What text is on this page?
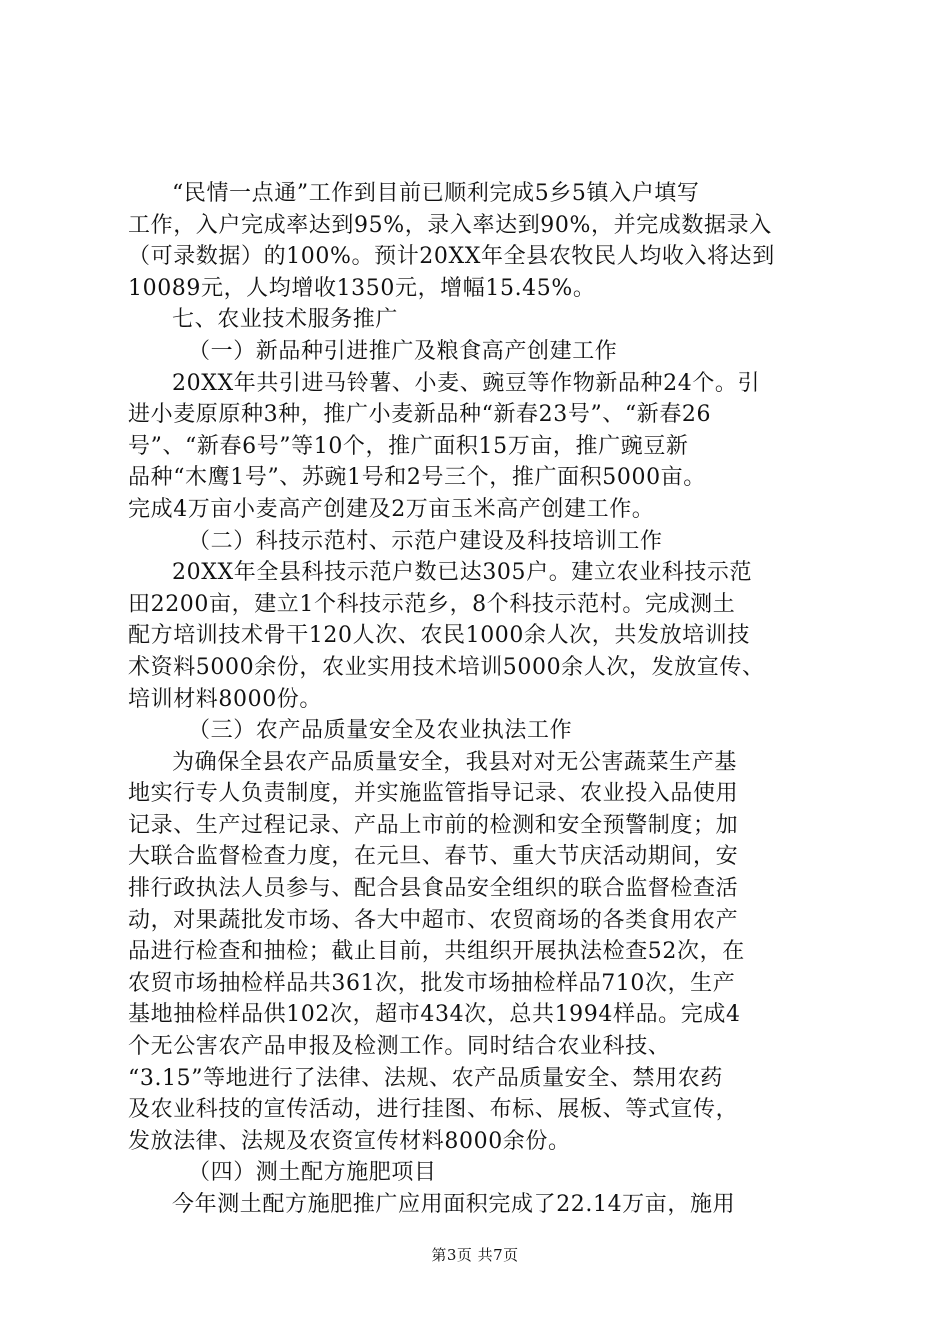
“民情一点通”工作到目前已顺利完成5乡5镇入户填写
工作，入户完成率达到95%，录入率达到90%，并完成数据录入
（可录数据）的100%。预计20XX年全县农牧民人均收入将达到
10089元，人均增收1350元，增幅15.45%。
七、农业技术服务推广
（一）新品种引进推广及粮食高产创建工作
20XX年共引进马铃薯、小麦、豌豆等作物新品种24个。引
进小麦原原种3种，推广小麦新品种“新春23号”、“新春26
号”、“新春6号”等10个，推广面积15万亩，推广豌豆新
品种“木鹰1号”、苏豌1号和2号三个，推广面积5000亩。
完成4万亩小麦高产创建及2万亩玉米高产创建工作。
（二）科技示范村、示范户建设及科技培训工作
20XX年全县科技示范户数已达305户。建立农业科技示范
田2200亩，建立1个科技示范乡，8个科技示范村。完成测土
配方培训技术骨干120人次、农民1000余人次，共发放培训技
术资料5000余份，农业实用技术培训5000余人次，发放宣传、
培训材料8000份。
（三）农产品质量安全及农业执法工作
为确保全县农产品质量安全，我县对对无公害蔬菜生产基
地实行专人负责制度，并实施监管指导记录、农业投入品使用
记录、生产过程记录、产品上市前的检测和安全预警制度；加
大联合监督检查力度，在元旦、春节、重大节庆活动期间，安
排行政执法人员参与、配合县食品安全组织的联合监督检查活
动，对果蔬批发市场、各大中超市、农贸商场的各类食用农产
品进行检查和抽检；截止目前，共组织开展执法检查52次，在
农贸市场抽检样品共361次，批发市场抽检样品710次，生产
基地抽检样品供102次，超市434次，总共1994样品。完成4
个无公害农产品申报及检测工作。同时结合农业科技、
“3.15”等地进行了法律、法规、农产品质量安全、禁用农药
及农业科技的宣传活动，进行挂图、布标、展板、等式宣传，
发放法律、法规及农资宣传材料8000余份。
（四）测土配方施肥项目
今年测土配方施肥推广应用面积完成了22.14万亩，施用
第3页 共7页
